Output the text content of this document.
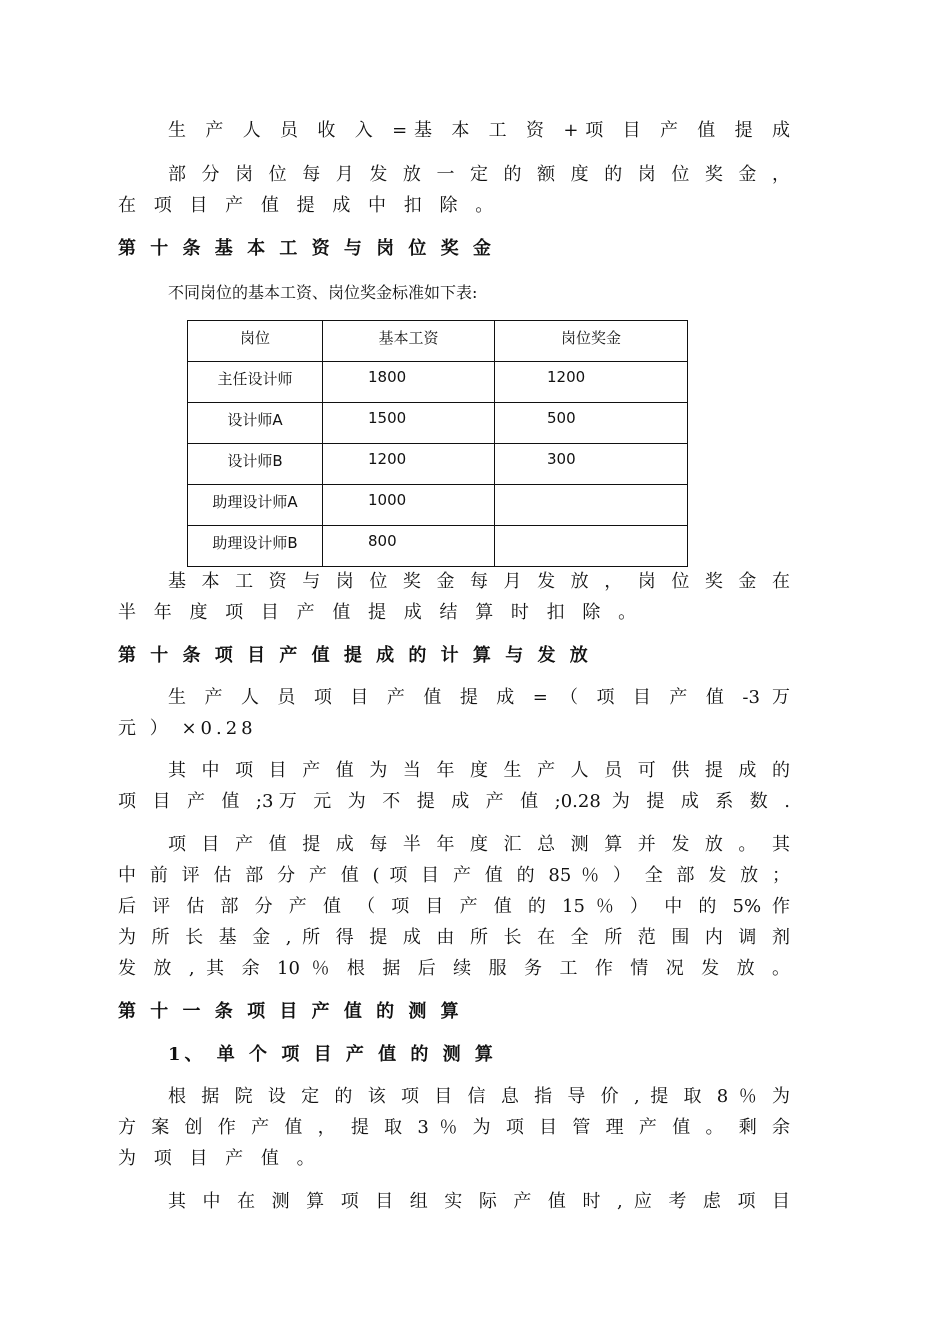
生 产 人 员 收 入 =基 本 工 资 +项 目 产 值 提 成
部 分 岗 位 每 月 发 放 一 定 的 额 度 的 岗 位 奖 金 ，
在 项 目 产 值 提 成 中 扣 除 。
第 十 条 基 本 工 资 与 岗 位 奖 金
不同岗位的基本工资、岗位奖金标准如下表:
岗位	基本工资	岗位奖金
主任设计师	1800	1200
设计师A	1500	500
设计师B	1200	300
助理设计师A	1000	
助理设计师B	800	
基 本 工 资 与 岗 位 奖 金 每 月 发 放 ， 岗 位 奖 金 在
半 年 度 项 目 产 值 提 成 结 算 时 扣 除 。
第 十 条 项 目 产 值 提 成 的 计 算 与 发 放
生 产 人 员 项 目 产 值 提 成 = （ 项 目 产 值 -3 万
元 ） ×0.28
其 中 项 目 产 值 为 当 年 度 生 产 人 员 可 供 提 成 的
项 目 产 值 ;3万 元 为 不 提 成 产 值 ;0.28 为 提 成 系 数 .
项 目 产 值 提 成 每 半 年 度 汇 总 测 算 并 发 放 。 其
中 前 评 估 部 分 产 值 ( 项 目 产 值 的 85 ％ ） 全 部 发 放 ；
后 评 估 部 分 产 值 （ 项 目 产 值 的 15 ％ ） 中 的 5% 作
为 所 长 基 金 , 所 得 提 成 由 所 长 在 全 所 范 围 内 调 剂
发 放 , 其 余 10 ％ 根 据 后 续 服 务 工 作 情 况 发 放 。
第 十 一 条 项 目 产 值 的 测 算
1、 单 个 项 目 产 值 的 测 算
根 据 院 设 定 的 该 项 目 信 息 指 导 价 , 提 取 8 ％ 为
方 案 创 作 产 值 ， 提 取 3 ％ 为 项 目 管 理 产 值 。 剩 余
为 项 目 产 值 。
其 中 在 测 算 项 目 组 实 际 产 值 时 , 应 考 虑 项 目
